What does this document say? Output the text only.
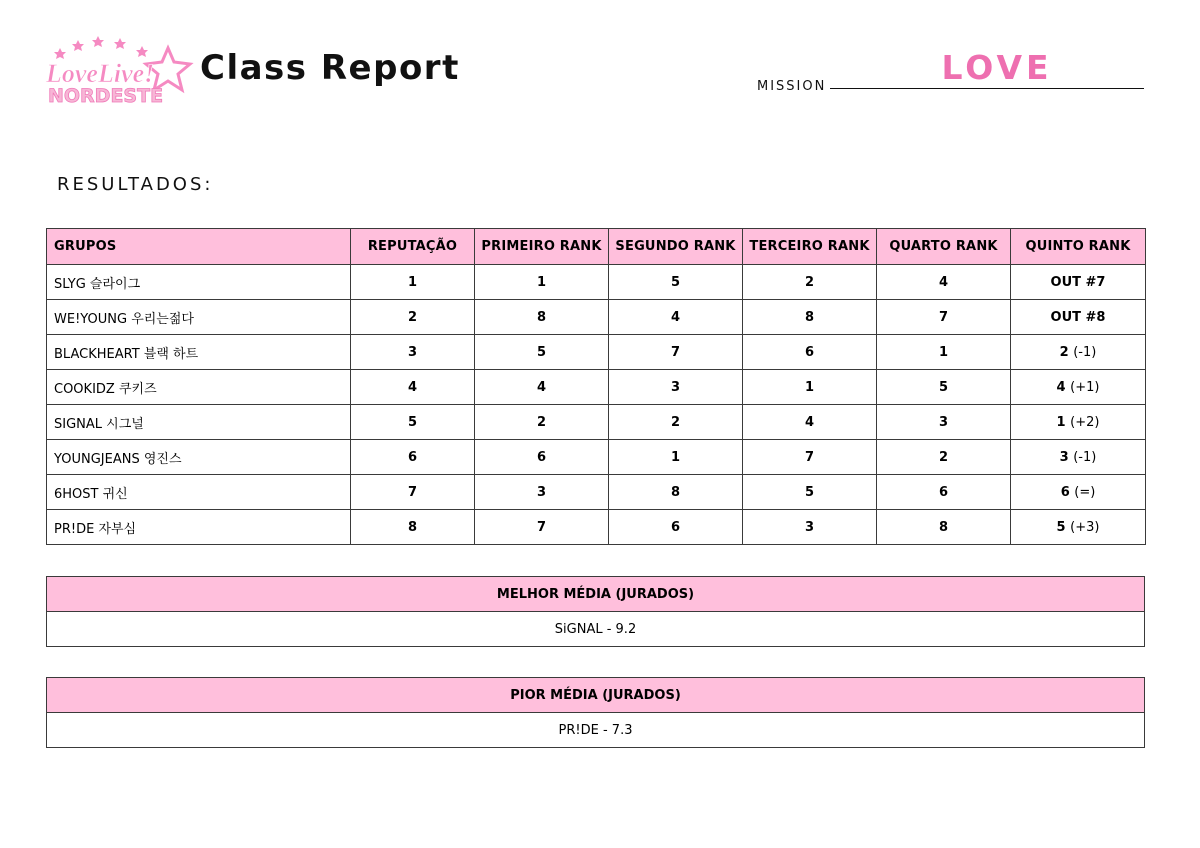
LoveLive!
NORDESTE
Class Report	MISSION	LOVE
RESULTADOS:
GRUPOS	REPUTAÇÃO	PRIMEIRO RANK	SEGUNDO RANK	TERCEIRO RANK	QUARTO RANK	QUINTO RANK
SLYG 슬라이그	1	1	5	2	4	OUT #7
WE!YOUNG 우리는젊다	2	8	4	8	7	OUT #8
BLACKHEART 블랙 하트	3	5	7	6	1	2 (-1)
COOKIDZ 쿠키즈	4	4	3	1	5	4 (+1)
SIGNAL 시그널	5	2	2	4	3	1 (+2)
YOUNGJEANS 영진스	6	6	1	7	2	3 (-1)
6HOST 귀신	7	3	8	5	6	6 (=)
PR!DE 자부심	8	7	6	3	8	5 (+3)
MELHOR MÉDIA (JURADOS)
SiGNAL - 9.2
PIOR MÉDIA (JURADOS)
PR!DE - 7.3
